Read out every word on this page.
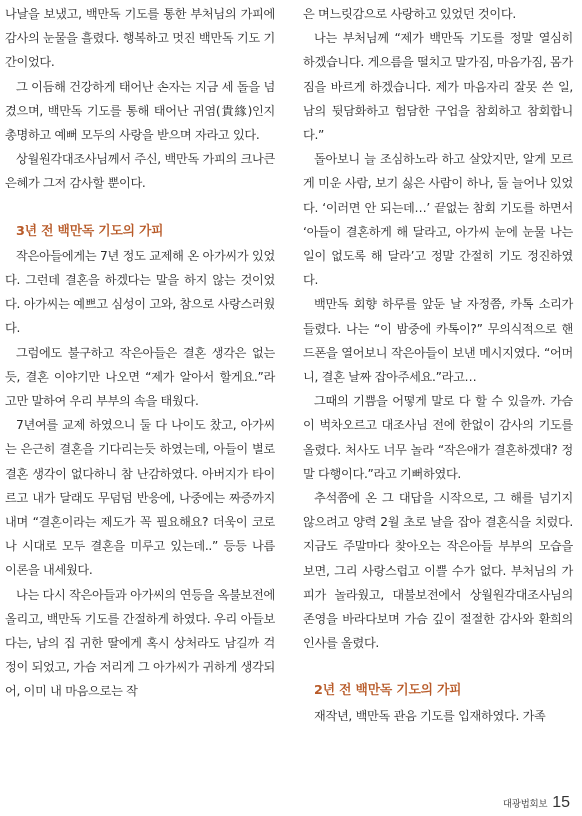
나날을 보냈고, 백만독 기도를 통한 부처님의 가피에 감사의 눈물을 흘렸다. 행복하고 멋진 백만독 기도 기간이었다.

그 이듬해 건강하게 태어난 손자는 지금 세 돌을 넘겼으며, 백만독 기도를 통해 태어난 귀염(貴緣)인지 총명하고 예뻐 모두의 사랑을 받으며 자라고 있다.

상월원각대조사님께서 주신, 백만독 가피의 크나큰 은혜가 그저 감사할 뿐이다.

3년 전 백만독 기도의 가피

작은아들에게는 7년 정도 교제해 온 아가씨가 있었다. 그런데 결혼을 하겠다는 말을 하지 않는 것이었다. 아가씨는 예쁘고 심성이 고와, 참으로 사랑스러웠다.

그럼에도 불구하고 작은아들은 결혼 생각은 없는 듯, 결혼 이야기만 나오면 “제가 알아서 할게요.”라고만 말하여 우리 부부의 속을 태웠다.

7년여를 교제 하였으니 둘 다 나이도 찼고, 아가씨는 은근히 결혼을 기다리는듯 하였는데, 아들이 별로 결혼 생각이 없다하니 참 난감하였다. 아버지가 타이르고 내가 달래도 무덤덤 반응에, 나중에는 짜증까지 내며 “결혼이라는 제도가 꼭 필요해요? 더욱이 코로나 시대로 모두 결혼을 미루고 있는데..” 등등 나름 이론을 내세웠다.

나는 다시 작은아들과 아가씨의 연등을 옥불보전에 올리고, 백만독 기도를 간절하게 하였다. 우리 아들보다는, 남의 집 귀한 딸에게 혹시 상처라도 남길까 걱정이 되었고, 가슴 저리게 그 아가씨가 귀하게 생각되어, 이미 내 마음으로는 작

은 며느릿감으로 사랑하고 있었던 것이다.

나는 부처님께 “제가 백만독 기도를 정말 열심히 하겠습니다. 게으름을 떨치고 말가짐, 마음가짐, 몸가짐을 바르게 하겠습니다. 제가 마음자리 잘못 쓴 일, 남의 뒷담화하고 험담한 구업을 참회하고 참회합니다.”

돌아보니 늘 조심하노라 하고 살았지만, 알게 모르게 미운 사람, 보기 싫은 사람이 하나, 둘 늘어나 있었다. ‘이러면 안 되는데…’ 끝없는 참회 기도를 하면서 ‘아들이 결혼하게 해 달라고, 아가씨 눈에 눈물 나는 일이 없도록 해 달라’고 정말 간절히 기도 정진하였다.

백만독 회향 하루를 앞둔 날 자정쯤, 카톡 소리가 들렸다. 나는 “이 밤중에 카톡이?” 무의식적으로 핸드폰을 열어보니 작은아들이 보낸 메시지였다. “어머니, 결혼 날짜 잡아주세요.”라고…

그때의 기쁨을 어떻게 말로 다 할 수 있을까. 가슴이 벅차오르고 대조사님 전에 한없이 감사의 기도를 올렸다. 처사도 너무 놀라 “작은애가 결혼하겠대? 정말 다행이다.”라고 기뻐하였다.

추석쯤에 온 그 대답을 시작으로, 그 해를 넘기지 않으려고 양력 2월 초로 날을 잡아 결혼식을 치렀다. 지금도 주말마다 찾아오는 작은아들 부부의 모습을 보면, 그리 사랑스럽고 이쁠 수가 없다. 부처님의 가피가 놀라웠고, 대불보전에서 상월원각대조사님의 존영을 바라다보며 가슴 깊이 절절한 감사와 환희의 인사를 올렸다.

2년 전 백만독 기도의 가피

재작년, 백만독 관음 기도를 입재하였다. 가족

대광법회보 15
